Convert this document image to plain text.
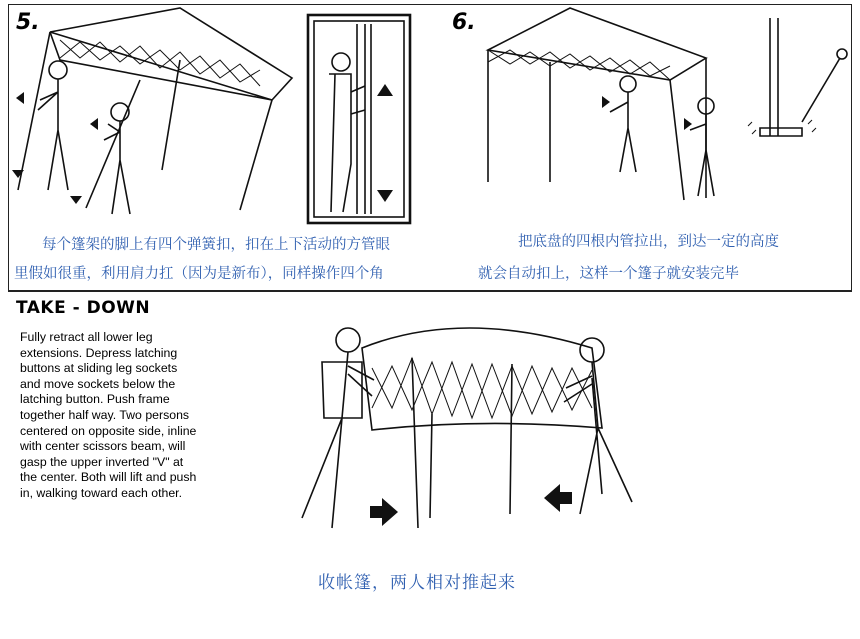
5.	6.
每个篷架的脚上有四个弹簧扣，扣在上下活动的方管眼
里假如很重，利用肩力扛（因为是新布），同样操作四个角
把底盘的四根内管拉出，到达一定的高度
就会自动扣上，这样一个篷子就安装完毕
TAKE - DOWN

Fully retract all lower leg
extensions. Depress latching
buttons at sliding leg sockets
and move sockets below the
latching button. Push frame
together half way. Two persons
centered on opposite side, inline
with center scissors beam, will
gasp the upper inverted "V" at
the center. Both will lift and push
in, walking toward each other.

收帐篷，两人相对推起来
